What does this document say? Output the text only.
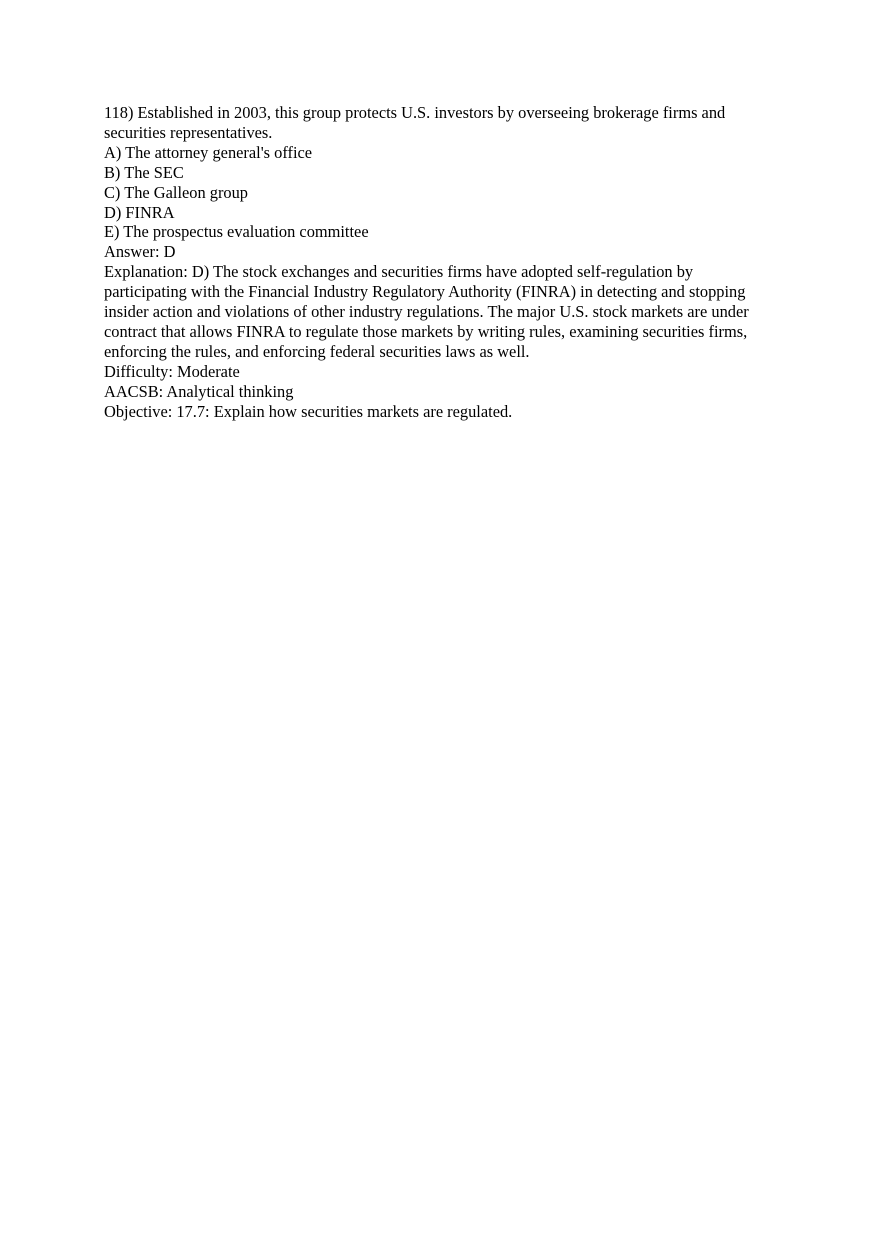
118) Established in 2003, this group protects U.S. investors by overseeing brokerage firms and securities representatives.

A) The attorney general's office

B) The SEC

C) The Galleon group

D) FINRA

E) The prospectus evaluation committee

Answer: D

Explanation: D) The stock exchanges and securities firms have adopted self-regulation by participating with the Financial Industry Regulatory Authority (FINRA) in detecting and stopping insider action and violations of other industry regulations. The major U.S. stock markets are under contract that allows FINRA to regulate those markets by writing rules, examining securities firms, enforcing the rules, and enforcing federal securities laws as well.

Difficulty: Moderate

AACSB: Analytical thinking

Objective: 17.7: Explain how securities markets are regulated.
